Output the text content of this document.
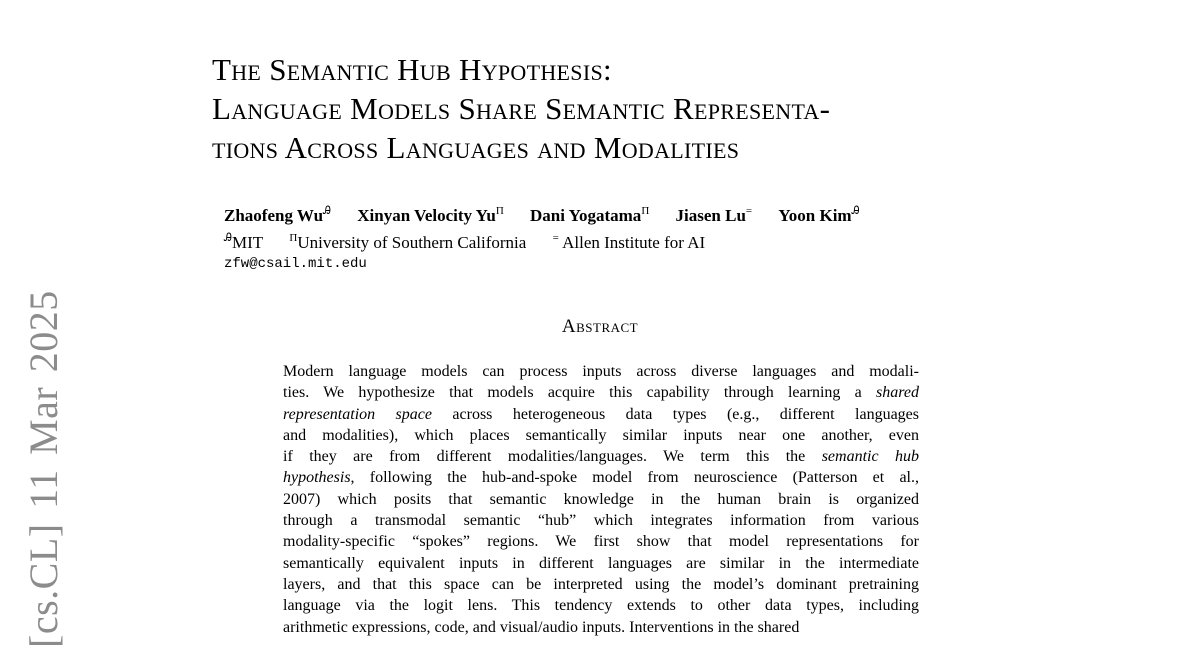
[cs.CL] 11 Mar 2025
The Semantic Hub Hypothesis:
Language Models Share Semantic Representa-
tions Across Languages and Modalities
Zhaofeng $Wu^Ꭿ$ Xinyan Velocity $Yu^\Pi$ Dani Yogatama$^\Pi$ Jiasen Lu= Yoon Kim$^Ꭿ$
$^Ꭿ$MIT $^\Pi$University of Southern California = Allen Institute for AI
zfw@csail.mit.edu
Abstract
Modern language models can process inputs across diverse languages and modali-
ties. We hypothesize that models acquire this capability through learning a shared
representation space across heterogeneous data types (e.g., different languages
and modalities), which places semantically similar inputs near one another, even
if they are from different modalities/languages. We term this the semantic hub
hypothesis, following the hub-and-spoke model from neuroscience (Patterson et al.,
2007) which posits that semantic knowledge in the human brain is organized
through a transmodal semantic “hub” which integrates information from various
modality-specific “spokes” regions. We first show that model representations for
semantically equivalent inputs in different languages are similar in the intermediate
layers, and that this space can be interpreted using the model’s dominant pretraining
language via the logit lens. This tendency extends to other data types, including
arithmetic expressions, code, and visual/audio inputs. Interventions in the shared
